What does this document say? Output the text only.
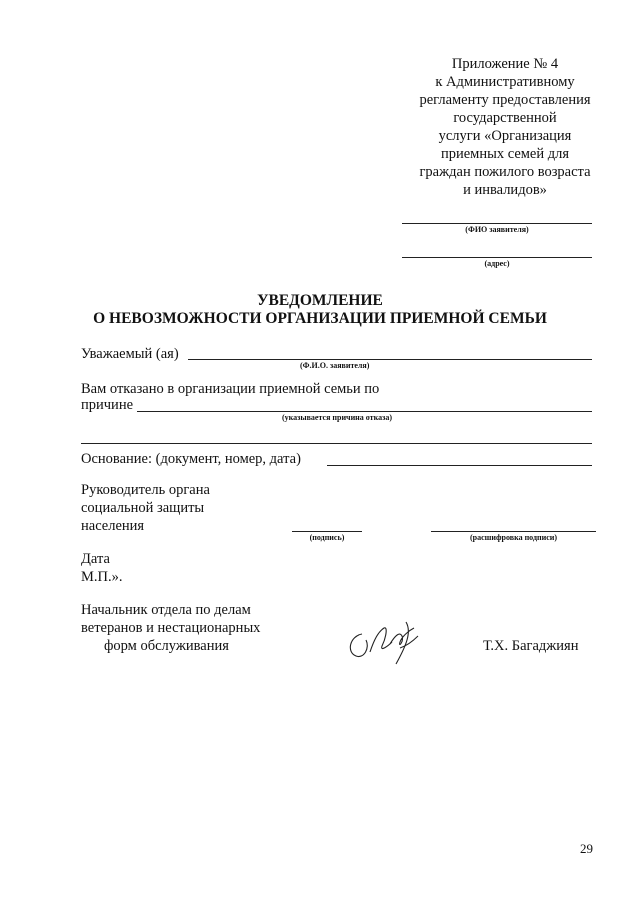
Приложение № 4
к Административному
регламенту предоставления
государственной
услуги «Организация
приемных семей для
граждан пожилого возраста
и инвалидов»
(ФИО заявителя)
(адрес)
УВЕДОМЛЕНИЕ
О НЕВОЗМОЖНОСТИ ОРГАНИЗАЦИИ ПРИЕМНОЙ СЕМЬИ
Уважаемый (ая)
(Ф.И.О. заявителя)
Вам отказано в организации приемной семьи по
причине
(указывается причина отказа)
Основание: (документ, номер, дата)
Руководитель органа
социальной защиты
населения
(подпись)	(расшифровка подписи)
Дата
М.П.».
Начальник отдела по делам
ветеранов и нестационарных
форм обслуживания	Т.Х. Багаджиян
29
